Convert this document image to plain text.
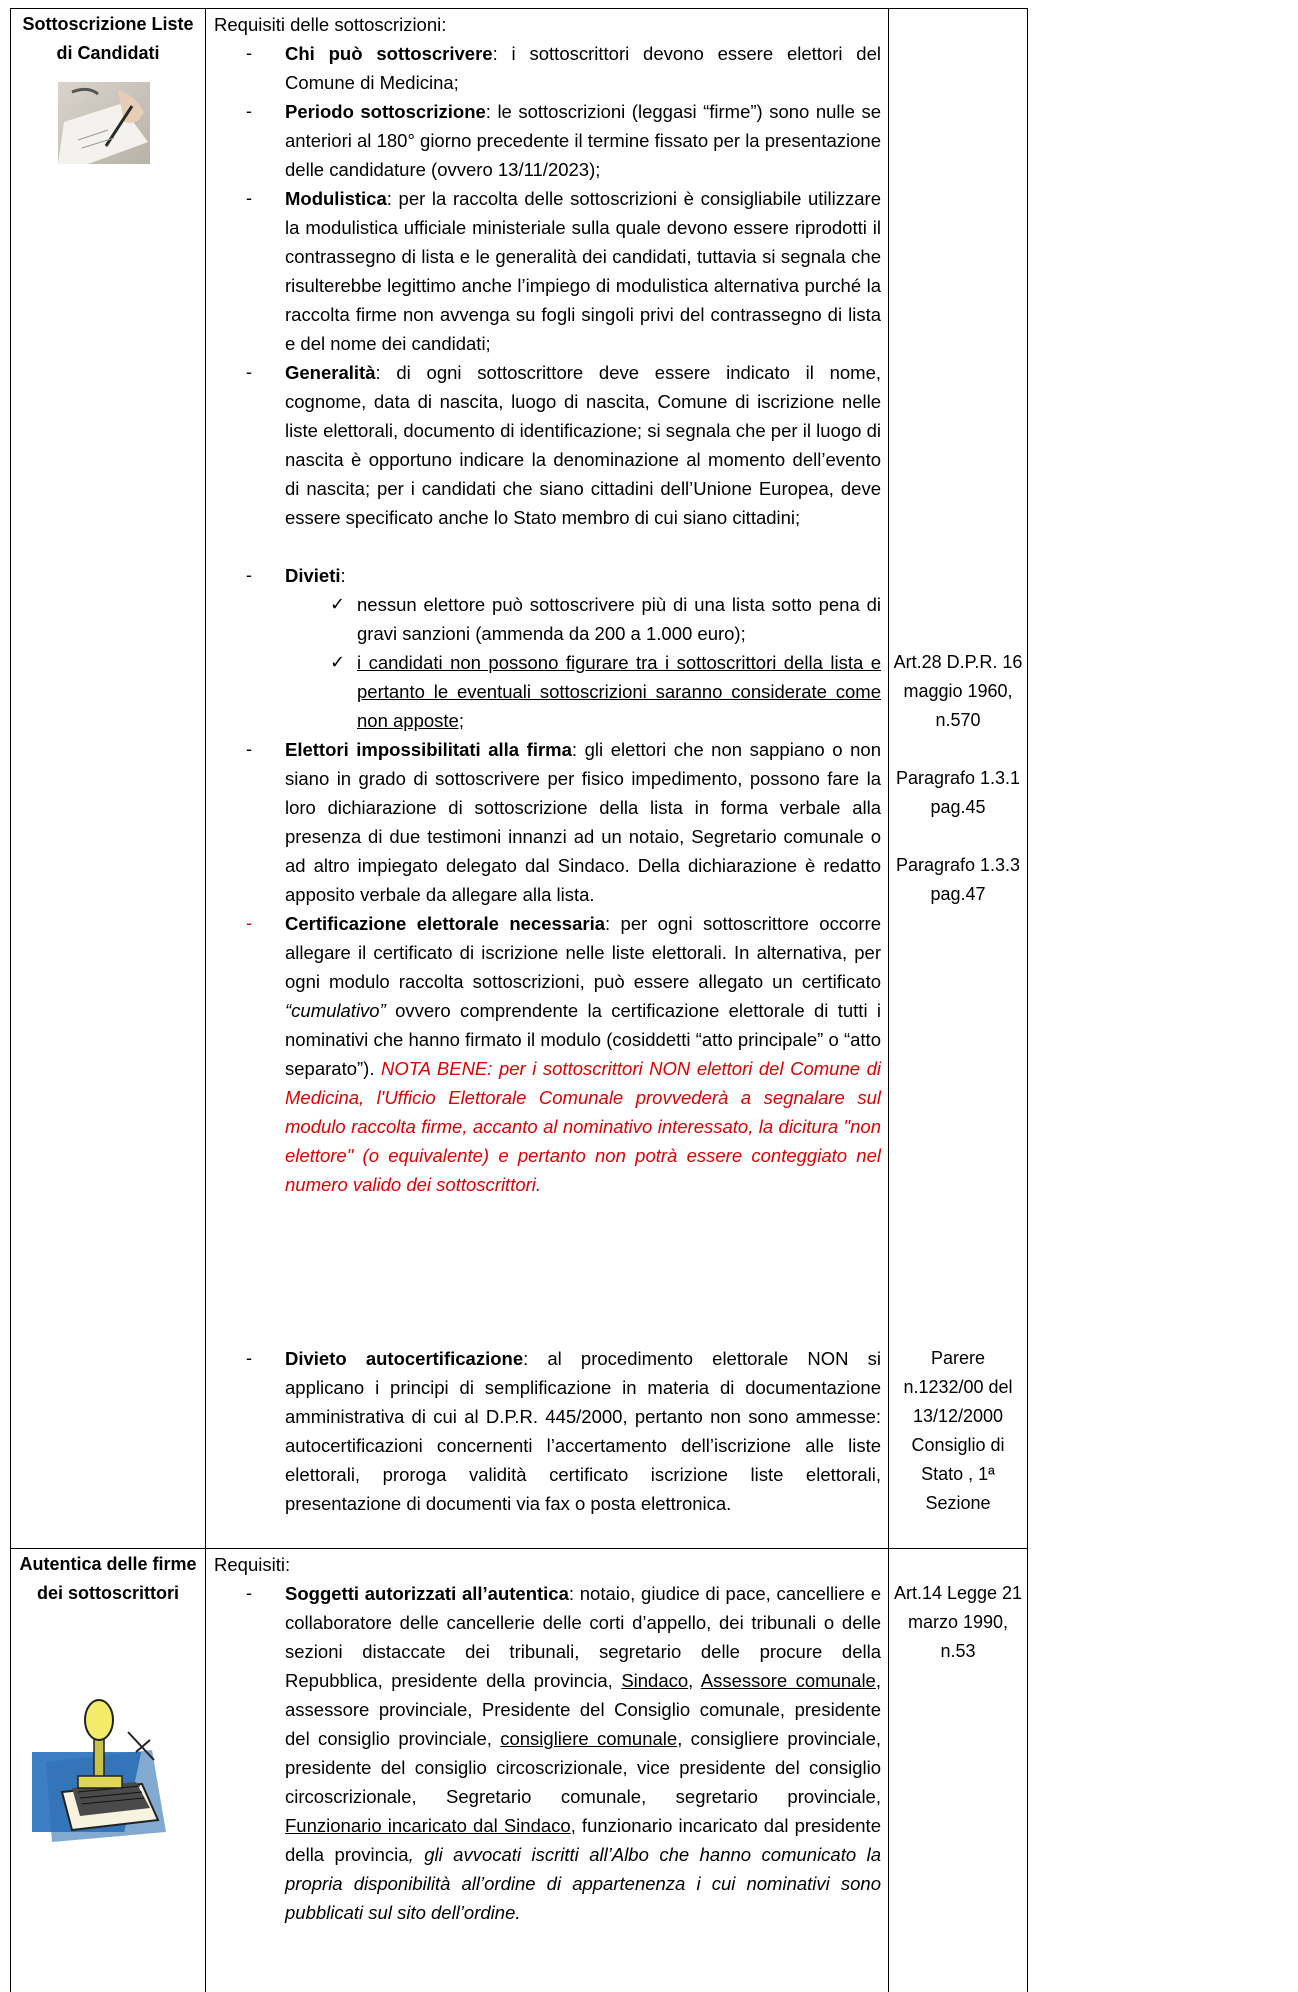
Sottoscrizione Liste di Candidati
Requisiti delle sottoscrizioni:
- Chi può sottoscrivere: i sottoscrittori devono essere elettori del Comune di Medicina;
- Periodo sottoscrizione: le sottoscrizioni (leggasi “firme”) sono nulle se anteriori al 180° giorno precedente il termine fissato per la presentazione delle candidature (ovvero 13/11/2023);
- Modulistica: per la raccolta delle sottoscrizioni è consigliabile utilizzare la modulistica ufficiale ministeriale sulla quale devono essere riprodotti il contrassegno di lista e le generalità dei candidati, tuttavia si segnala che risulterebbe legittimo anche l’impiego di modulistica alternativa purché la raccolta firme non avvenga su fogli singoli privi del contrassegno di lista e del nome dei candidati;
- Generalità: di ogni sottoscrittore deve essere indicato il nome, cognome, data di nascita, luogo di nascita, Comune di iscrizione nelle liste elettorali, documento di identificazione; si segnala che per il luogo di nascita è opportuno indicare la denominazione al momento dell’evento di nascita; per i candidati che siano cittadini dell’Unione Europea, deve essere specificato anche lo Stato membro di cui siano cittadini;
- Divieti:
✓ nessun elettore può sottoscrivere più di una lista sotto pena di gravi sanzioni (ammenda da 200 a 1.000 euro);
✓ i candidati non possono figurare tra i sottoscrittori della lista e pertanto le eventuali sottoscrizioni saranno considerate come non apposte;
- Elettori impossibilitati alla firma: gli elettori che non sappiano o non siano in grado di sottoscrivere per fisico impedimento, possono fare la loro dichiarazione di sottoscrizione della lista in forma verbale alla presenza di due testimoni innanzi ad un notaio, Segretario comunale o ad altro impiegato delegato dal Sindaco. Della dichiarazione è redatto apposito verbale da allegare alla lista.
- Certificazione elettorale necessaria: per ogni sottoscrittore occorre allegare il certificato di iscrizione nelle liste elettorali. In alternativa, per ogni modulo raccolta sottoscrizioni, può essere allegato un certificato “cumulativo” ovvero comprendente la certificazione elettorale di tutti i nominativi che hanno firmato il modulo (cosiddetti “atto principale” o “atto separato”). NOTA BENE: per i sottoscrittori NON elettori del Comune di Medicina, l'Ufficio Elettorale Comunale provvederà a segnalare sul modulo raccolta firme, accanto al nominativo interessato, la dicitura "non elettore" (o equivalente) e pertanto non potrà essere conteggiato nel numero valido dei sottoscrittori.
- Divieto autocertificazione: al procedimento elettorale NON si applicano i principi di semplificazione in materia di documentazione amministrativa di cui al D.P.R. 445/2000, pertanto non sono ammesse: autocertificazioni concernenti l’accertamento dell’iscrizione alle liste elettorali, proroga validità certificato iscrizione liste elettorali, presentazione di documenti via fax o posta elettronica.
Art.28 D.P.R. 16 maggio 1960, n.570
Paragrafo 1.3.1 pag.45
Paragrafo 1.3.3 pag.47
Parere n.1232/00 del 13/12/2000 Consiglio di Stato , 1ª Sezione
Autentica delle firme dei sottoscrittori
Requisiti:
- Soggetti autorizzati all’autentica: notaio, giudice di pace, cancelliere e collaboratore delle cancellerie delle corti d’appello, dei tribunali o delle sezioni distaccate dei tribunali, segretario delle procure della Repubblica, presidente della provincia, Sindaco, Assessore comunale, assessore provinciale, Presidente del Consiglio comunale, presidente del consiglio provinciale, consigliere comunale, consigliere provinciale, presidente del consiglio circoscrizionale, vice presidente del consiglio circoscrizionale, Segretario comunale, segretario provinciale, Funzionario incaricato dal Sindaco, funzionario incaricato dal presidente della provincia, gli avvocati iscritti all’Albo che hanno comunicato la propria disponibilità all’ordine di appartenenza i cui nominativi sono pubblicati sul sito dell’ordine.
Art.14 Legge 21 marzo 1990, n.53
